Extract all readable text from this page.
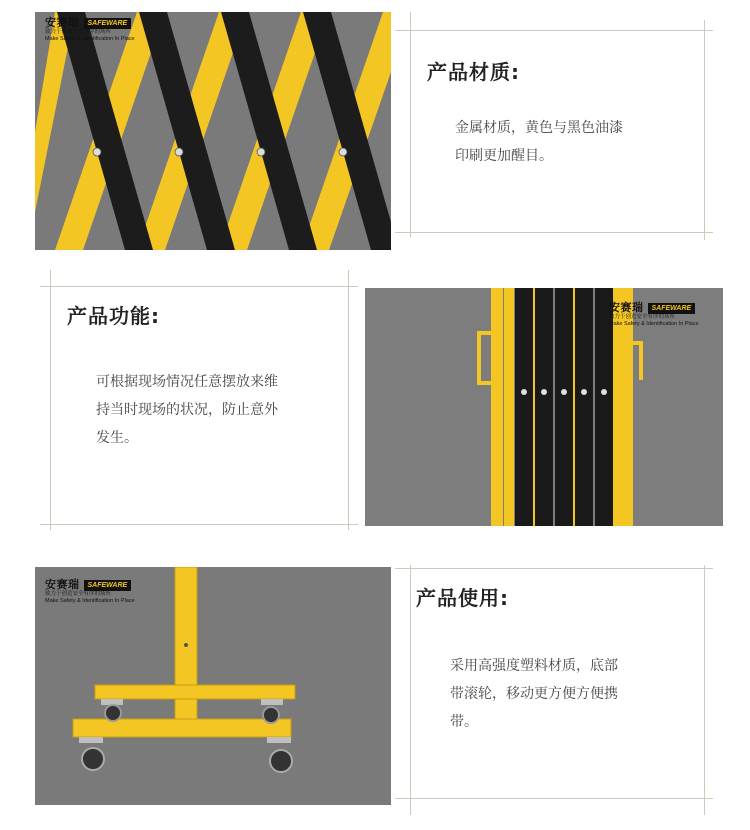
安赛瑞	SAFEWARE
致力于创造安全有序的场所
Make Safety & Identification In Place
产品材质:
金属材质，黄色与黑色油漆
印刷更加醒目。
产品功能:
可根据现场情况任意摆放来维
持当时现场的状况，防止意外
发生。
安赛瑞	SAFEWARE
致力于创造安全有序的场所
Make Safety & Identification In Place
安赛瑞	SAFEWARE
致力于创造安全有序的场所
Make Safety & Identification In Place	产品使用:
采用高强度塑料材质，底部
带滚轮，移动更方便方便携
带。
